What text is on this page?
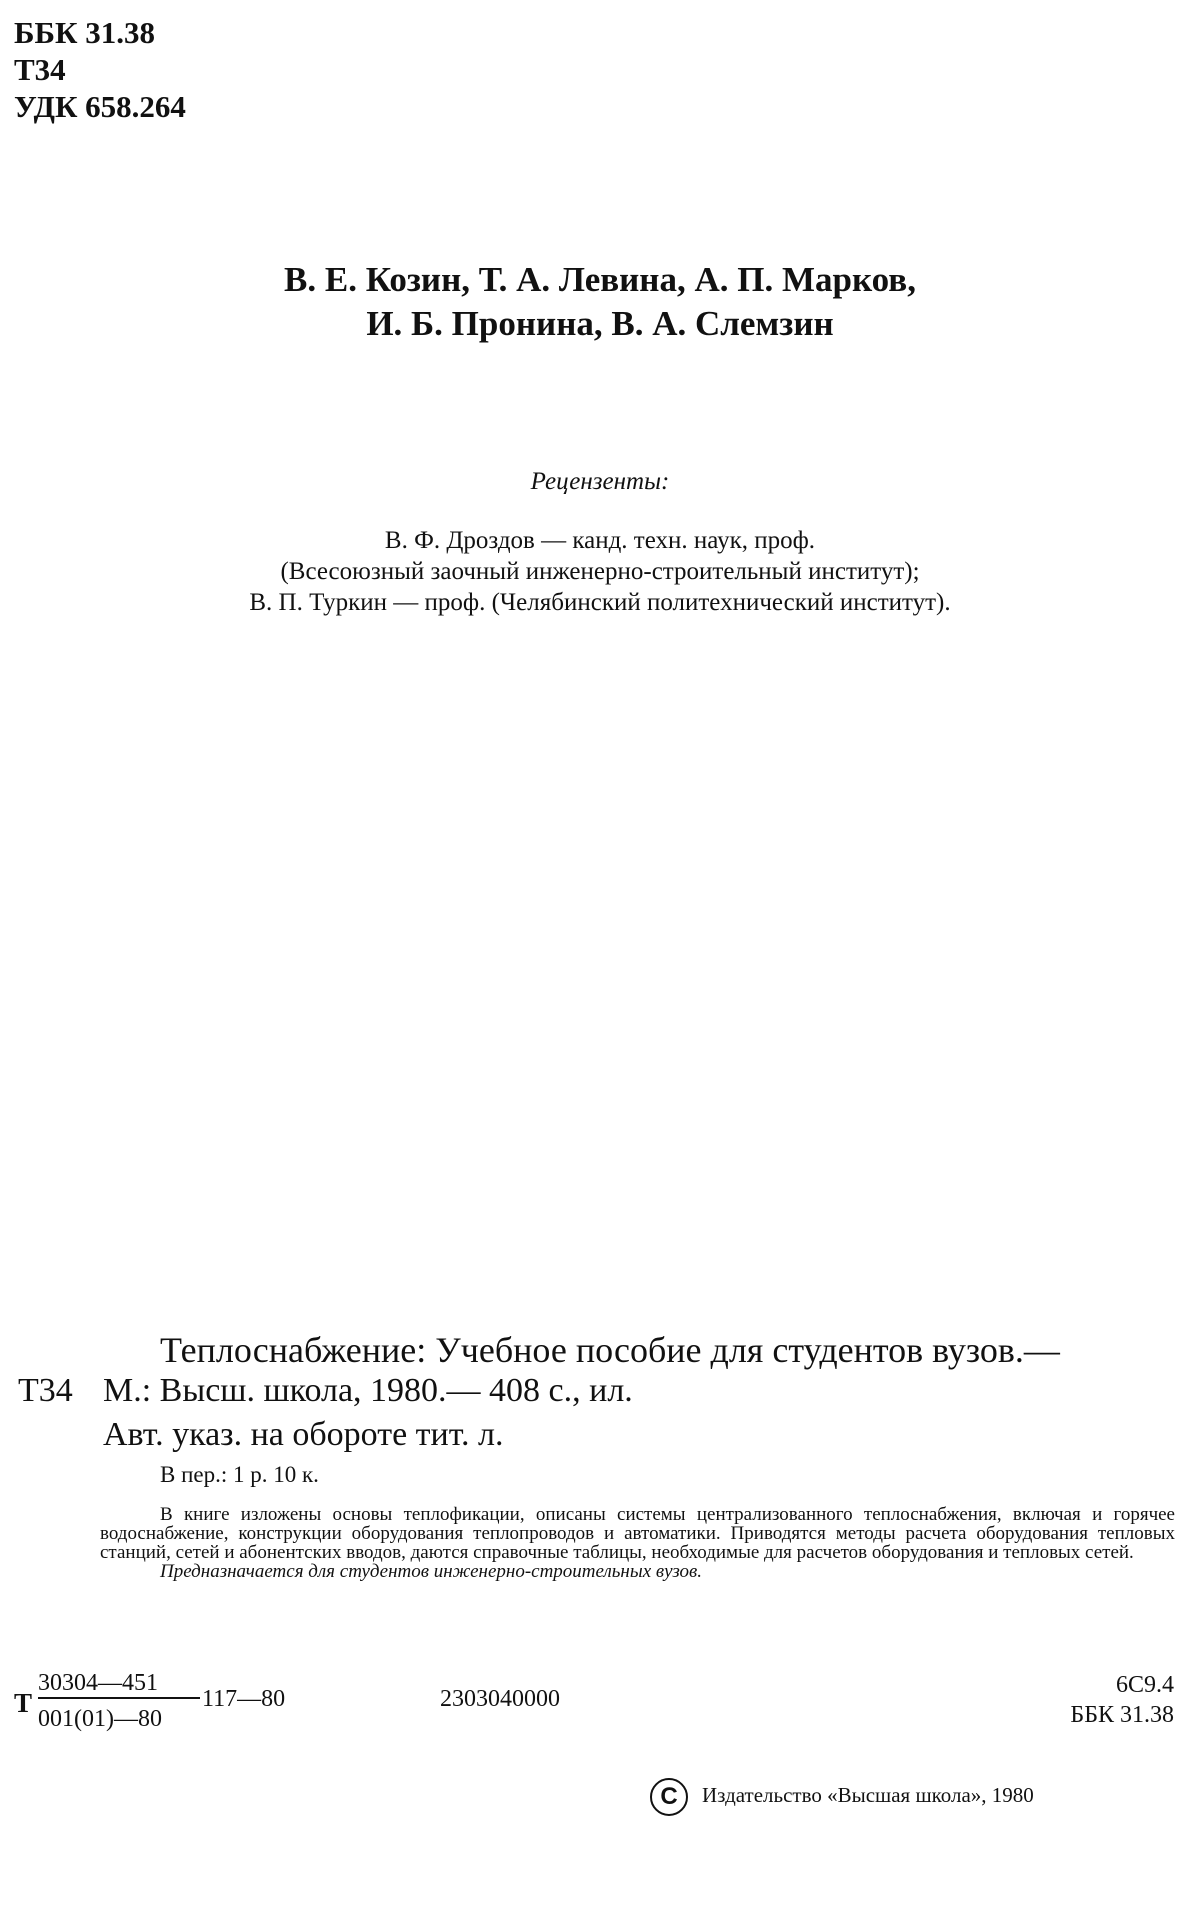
ББК 31.38
Т34
УДК 658.264
В. Е. Козин, Т. А. Левина, А. П. Марков,
И. Б. Пронина, В. А. Слемзин
Рецензенты:
В. Ф. Дроздов — канд. техн. наук, проф.
(Всесоюзный заочный инженерно-строительный институт);
В. П. Туркин — проф. (Челябинский политехнический институт).
Теплоснабжение: Учебное пособие для студентов вузов.—
Т34 М.: Высш. школа, 1980.— 408 с., ил.
Авт. указ. на обороте тит. л.
В пер.: 1 р. 10 к.
В книге изложены основы теплофикации, описаны системы централизованного теплоснабжения, включая и горячее водоснабжение, конструкции оборудования теплопроводов и автоматики. Приводятся методы расчета оборудования тепловых станций, сетей и абонентских вводов, даются справочные таблицы, необходимые для расчетов оборудования и тепловых сетей.
Предназначается для студентов инженерно-строительных вузов.
Т
30304—451
001(01)—80
117—80	2303040000
6С9.4
ББК 31.38
С Издательство «Высшая школа», 1980
